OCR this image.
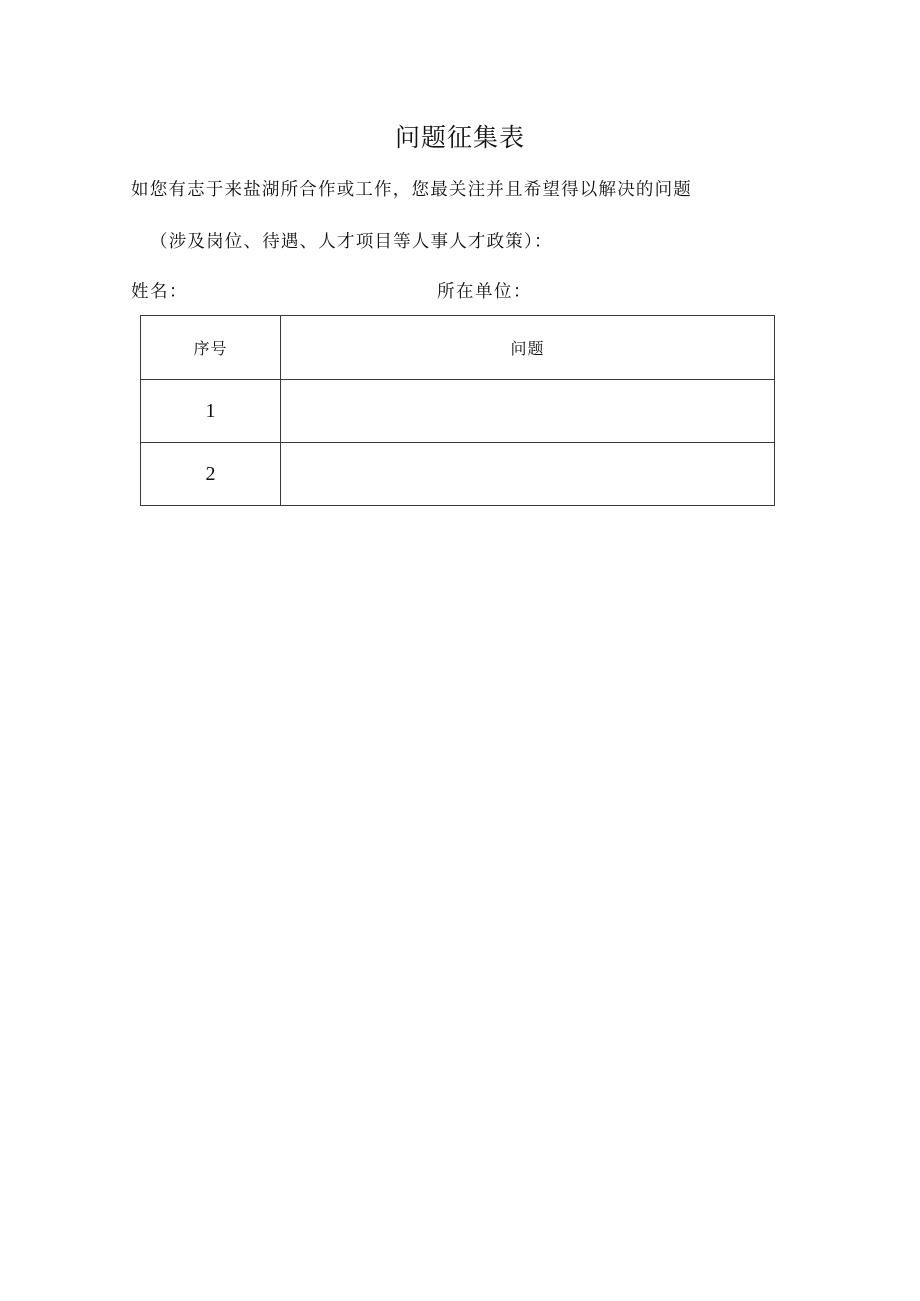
问题征集表
如您有志于来盐湖所合作或工作，您最关注并且希望得以解决的问题
（涉及岗位、待遇、人才项目等人事人才政策）：
姓名：	所在单位：
序号	问题
1	
2	
